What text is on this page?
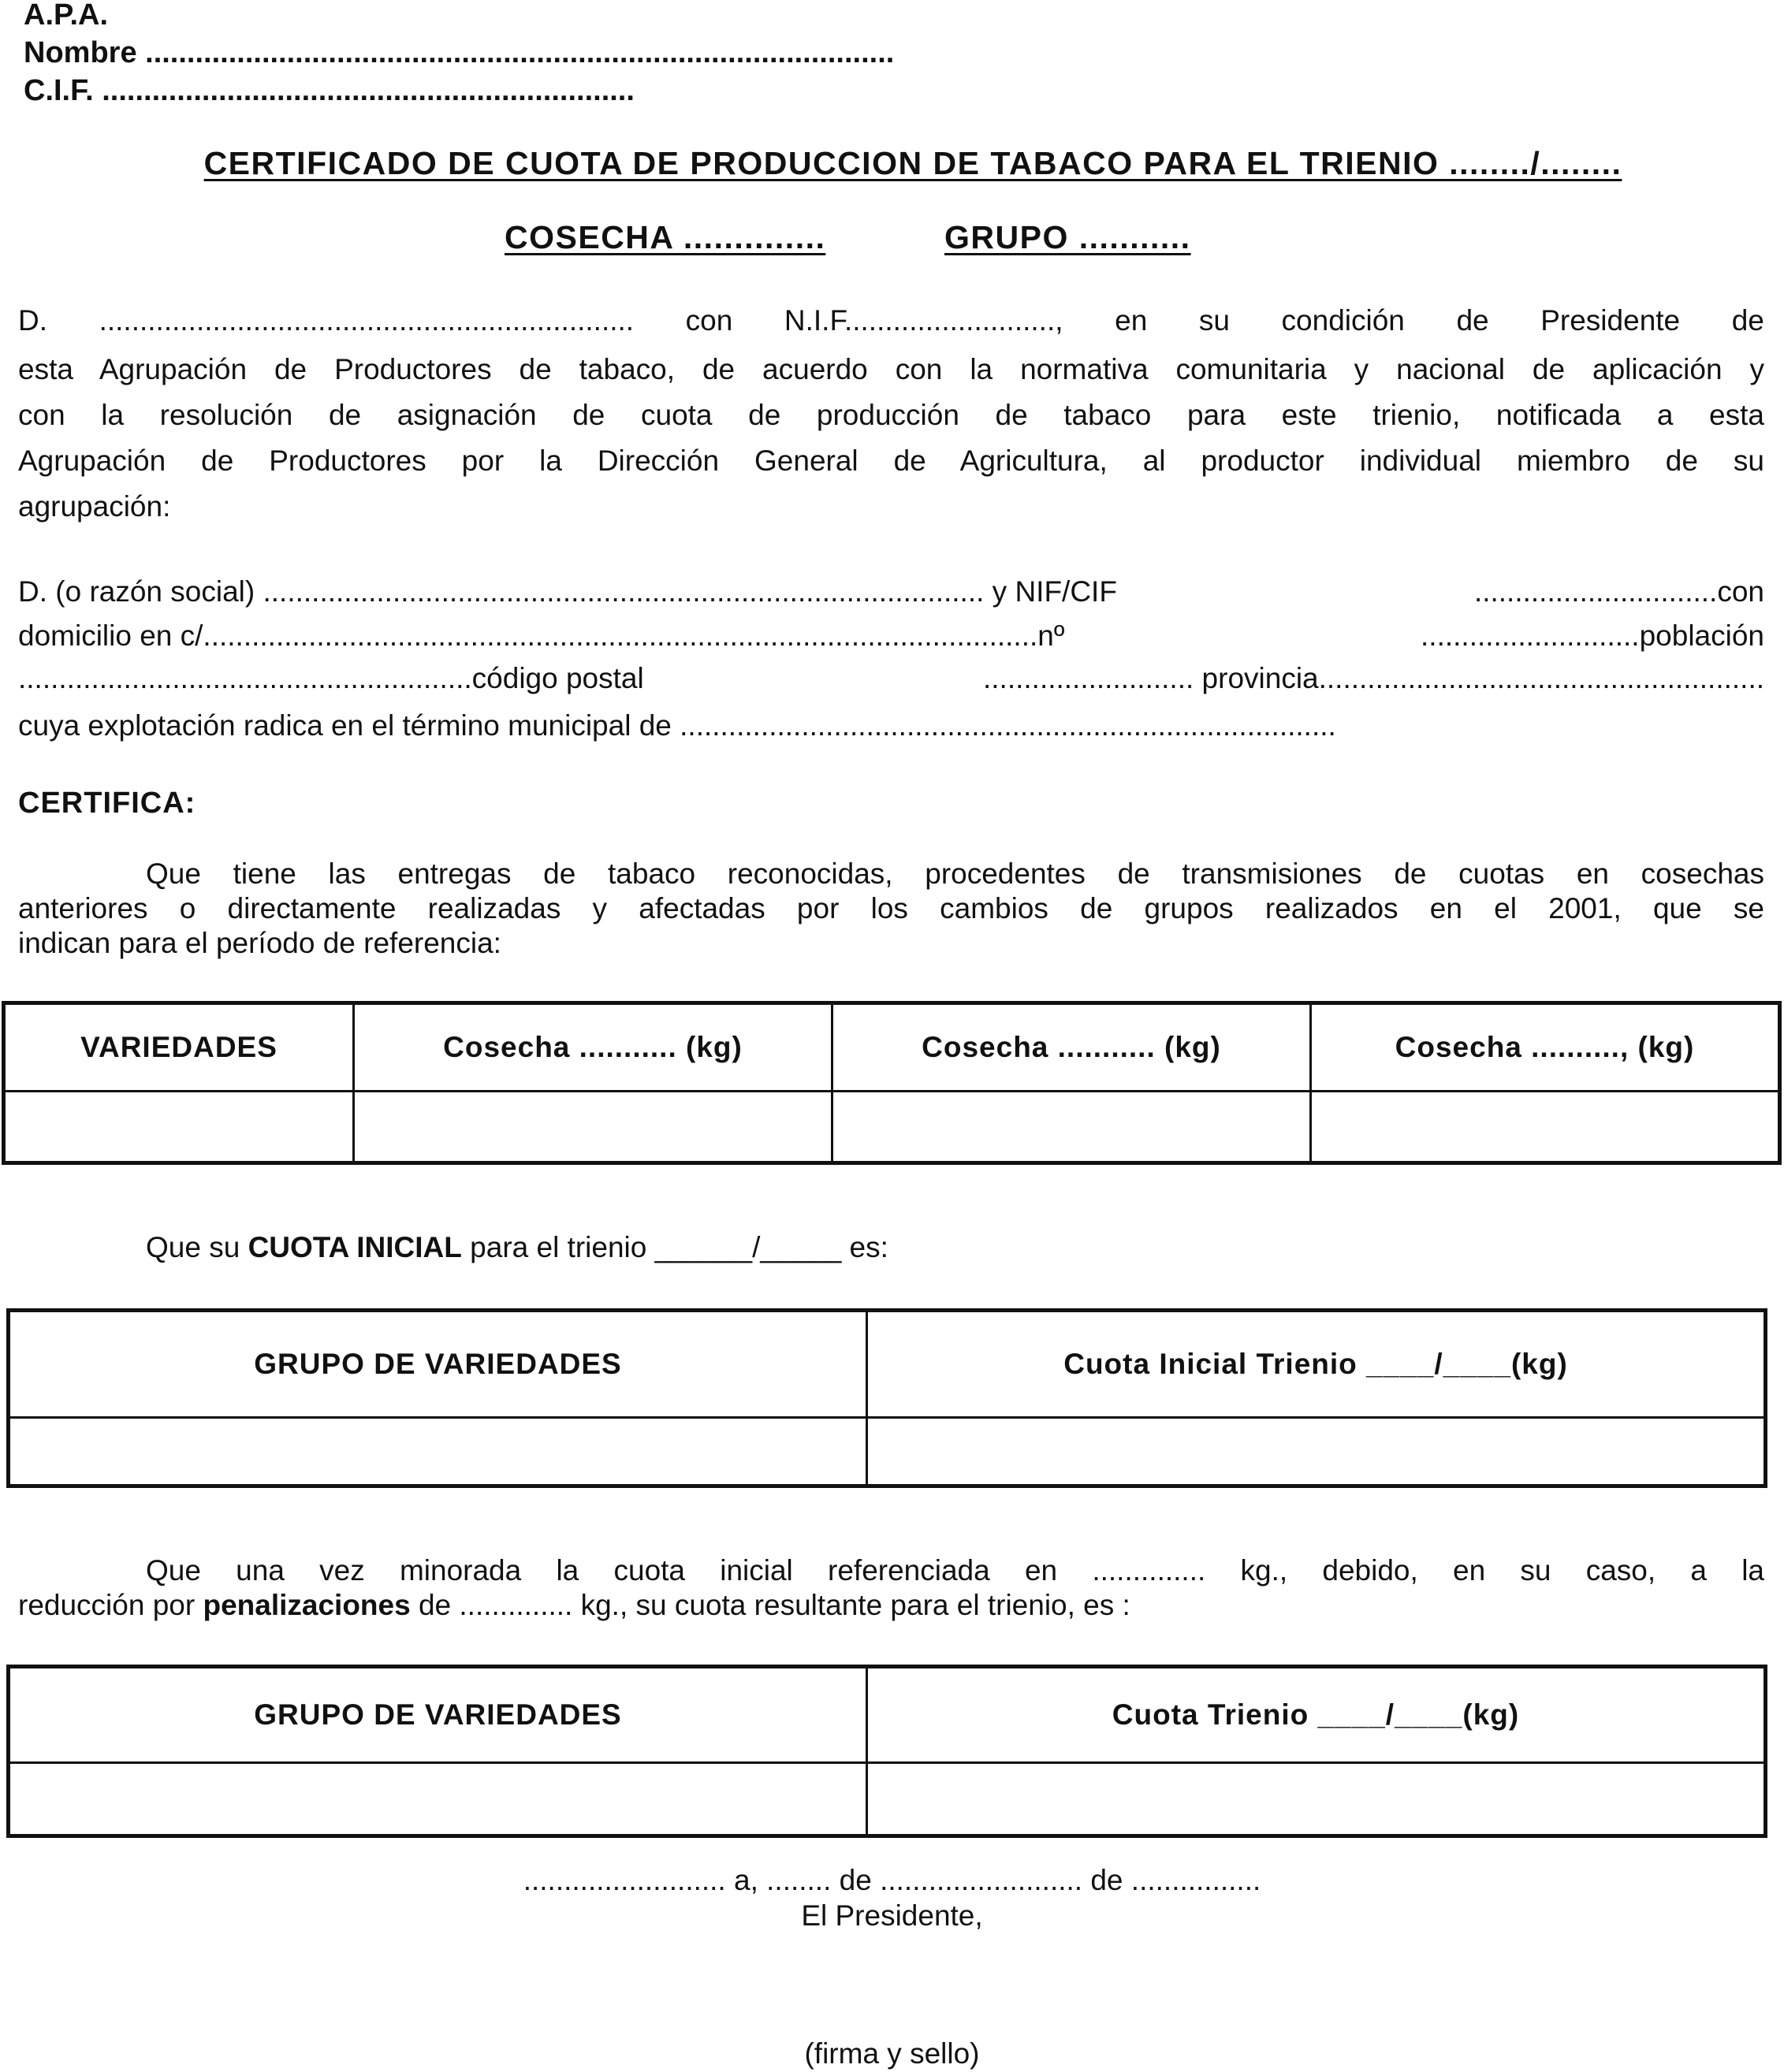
A.P.A.
Nombre ..........................................................................................
C.I.F. ................................................................
CERTIFICADO DE CUOTA DE PRODUCCION DE TABACO PARA EL TRIENIO ......../........
COSECHA ..............	GRUPO ...........
D. .................................................................. con N.I.F.........................., en su condición de Presidente de
esta Agrupación de Productores de tabaco, de acuerdo con la normativa comunitaria y nacional de aplicación y
con la resolución de asignación de cuota de producción de tabaco para este trienio, notificada a esta
Agrupación de Productores por la Dirección General de Agricultura, al productor individual miembro de su
agrupación:
D. (o razón social) ......................................................................................... y NIF/CIF	..............................con
domicilio en c/.......................................................................................................nº	...........................población
........................................................código postal	.......................... provincia.......................................................
cuya explotación radica en el término municipal de .................................................................................
CERTIFICA:
Que tiene las entregas de tabaco reconocidas, procedentes de transmisiones de cuotas en cosechas
anteriores o directamente realizadas y afectadas por los cambios de grupos realizados en el 2001, que se
indican para el período de referencia:
VARIEDADES	Cosecha ........... (kg)	Cosecha ........... (kg)	Cosecha .........., (kg)

Que su CUOTA INICIAL para el trienio ______/_____ es:
GRUPO DE VARIEDADES	Cuota Inicial Trienio ____/____(kg)

Que una vez minorada la cuota inicial referenciada en .............. kg., debido, en su caso, a la
reducción por penalizaciones de .............. kg., su cuota resultante para el trienio, es :
GRUPO DE VARIEDADES	Cuota Trienio ____/____(kg)

......................... a, ........ de ......................... de ................
El Presidente,
(firma y sello)
